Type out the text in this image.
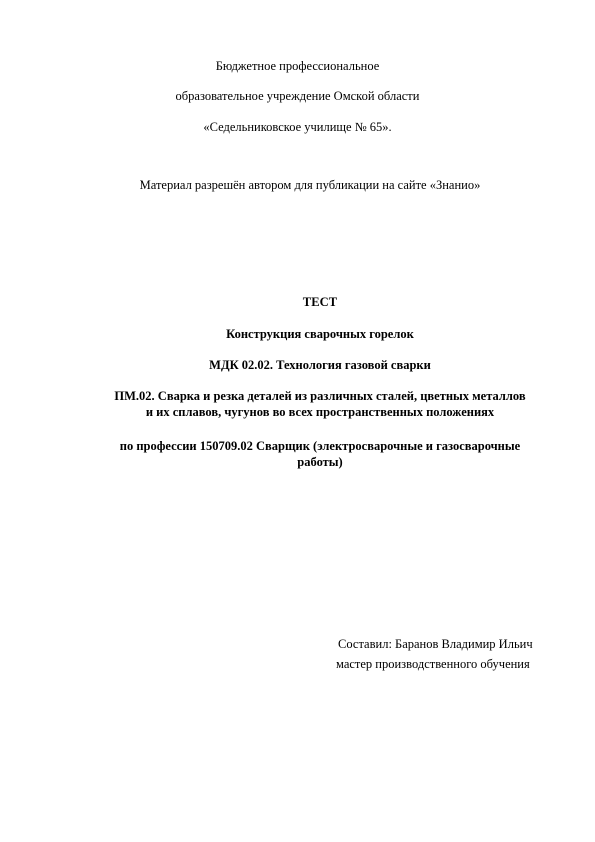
Бюджетное профессиональное
образовательное учреждение Омской области
«Седельниковское училище № 65».
Материал разрешён автором для публикации на сайте «Знанио»
ТЕСТ
Конструкция сварочных горелок
МДК 02.02. Технология газовой сварки
ПМ.02. Сварка и резка деталей из различных сталей, цветных металлов
и их сплавов, чугунов во всех пространственных положениях
по профессии 150709.02 Сварщик (электросварочные и газосварочные
работы)
Составил: Баранов Владимир Ильич
мастер производственного обучения
